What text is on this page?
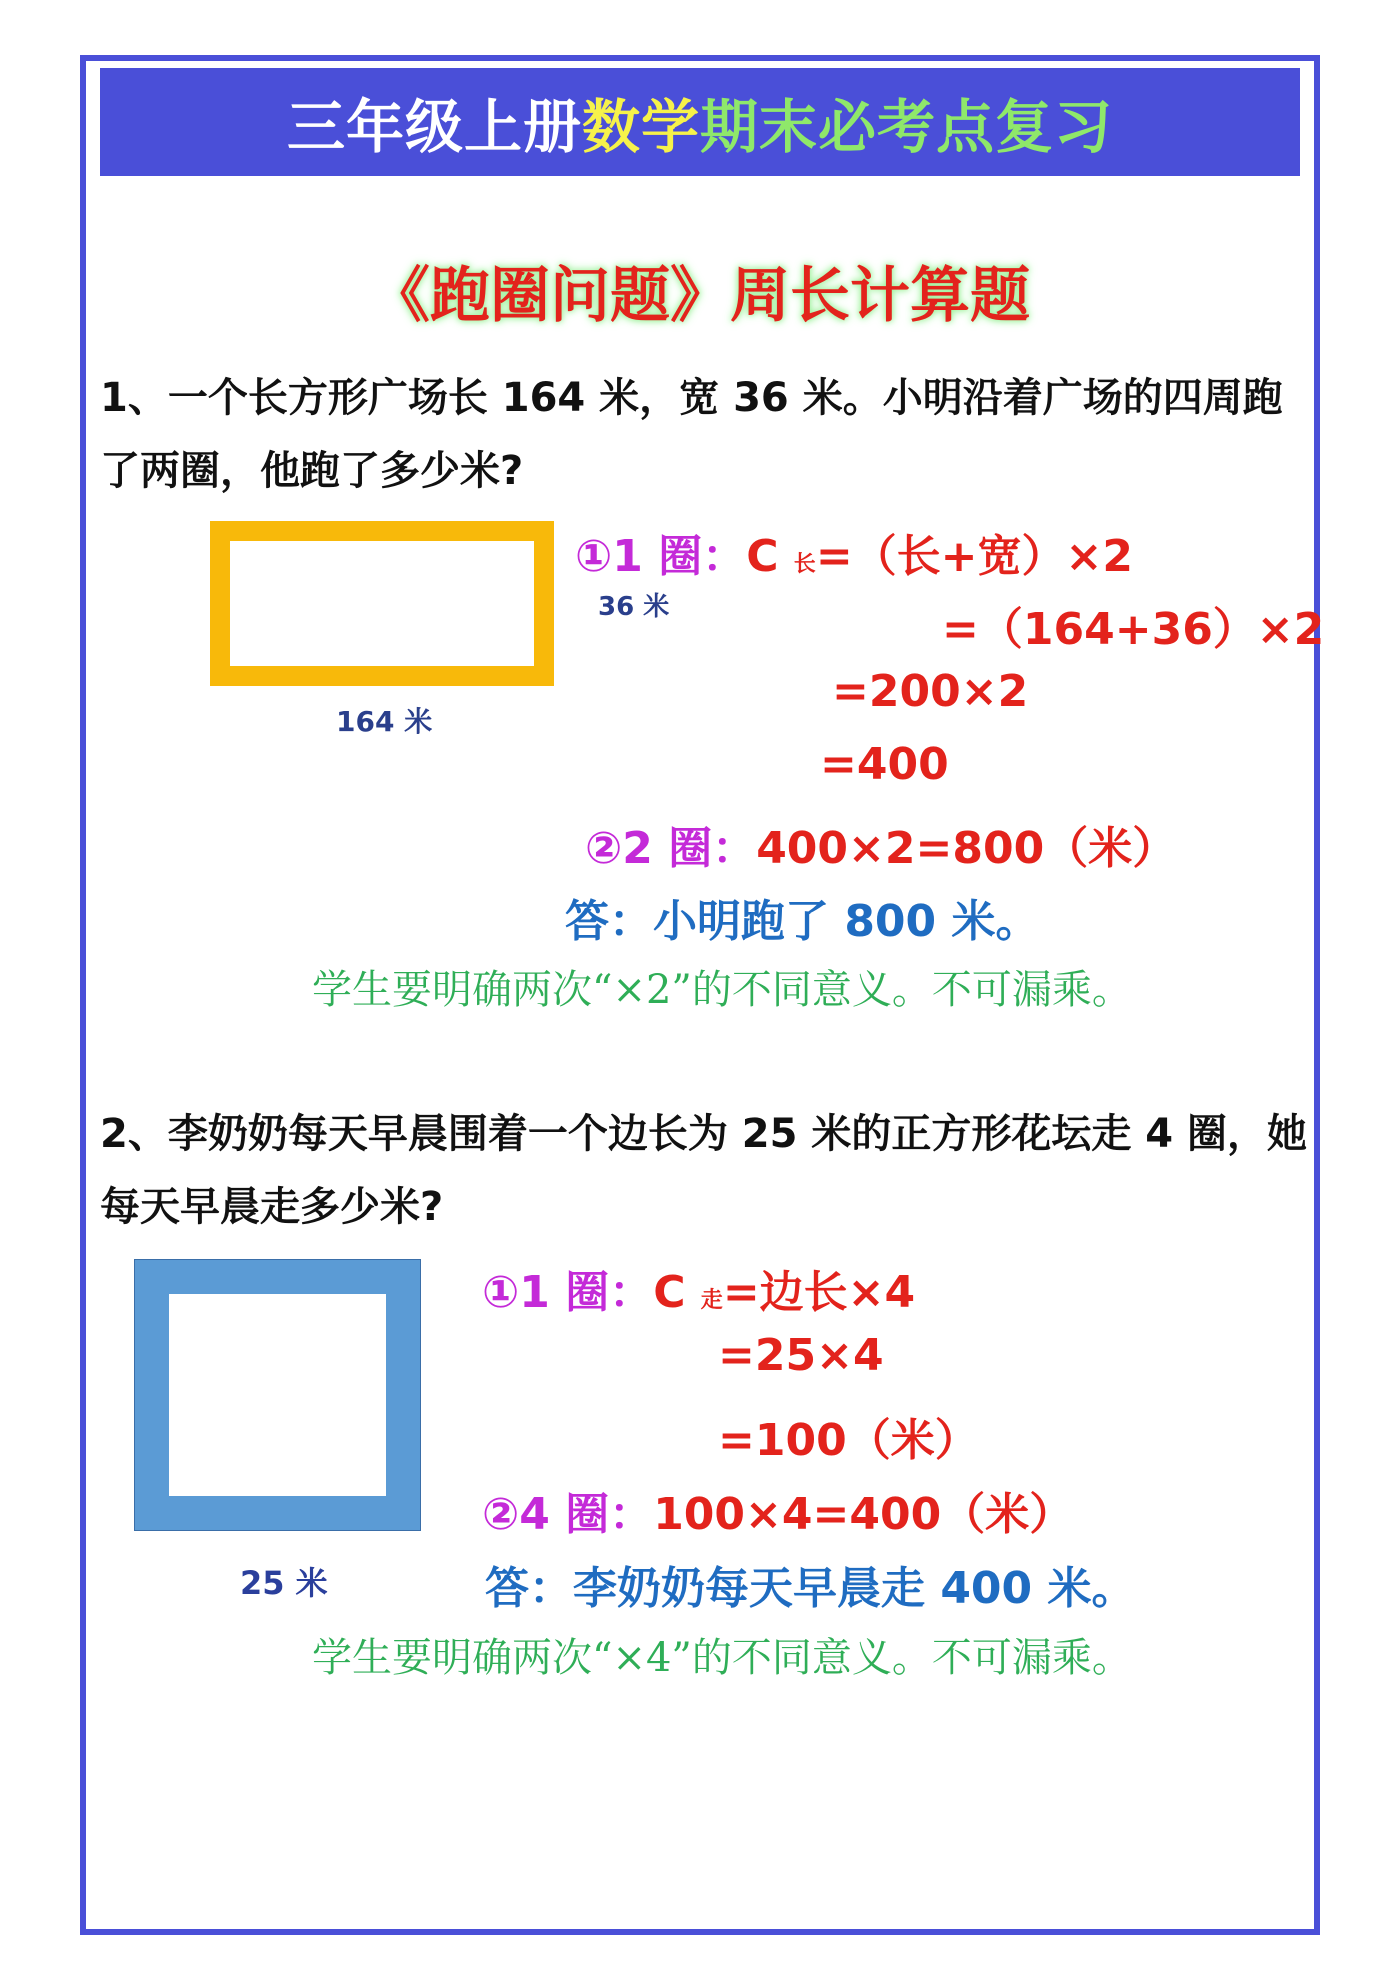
三年级上册 数学 期末必考点复习
《跑圈问题》周长计算题
1、一个长方形广场长 164 米，宽 36 米。小明沿着广场的四周跑了两圈，他跑了多少米?
36 米
164 米
①1 圈：C 长=（长+宽）×2
=（164+36）×2
=200×2
=400
②2 圈：400×2=800（米）
答：小明跑了 800 米。
学生要明确两次“×2”的不同意义。不可漏乘。
2、李奶奶每天早晨围着一个边长为 25 米的正方形花坛走 4 圈，她每天早晨走多少米?
25 米
①1 圈：C 走=边长×4
=25×4
=100（米）
②4 圈：100×4=400（米）
答：李奶奶每天早晨走 400 米。
学生要明确两次“×4”的不同意义。不可漏乘。
